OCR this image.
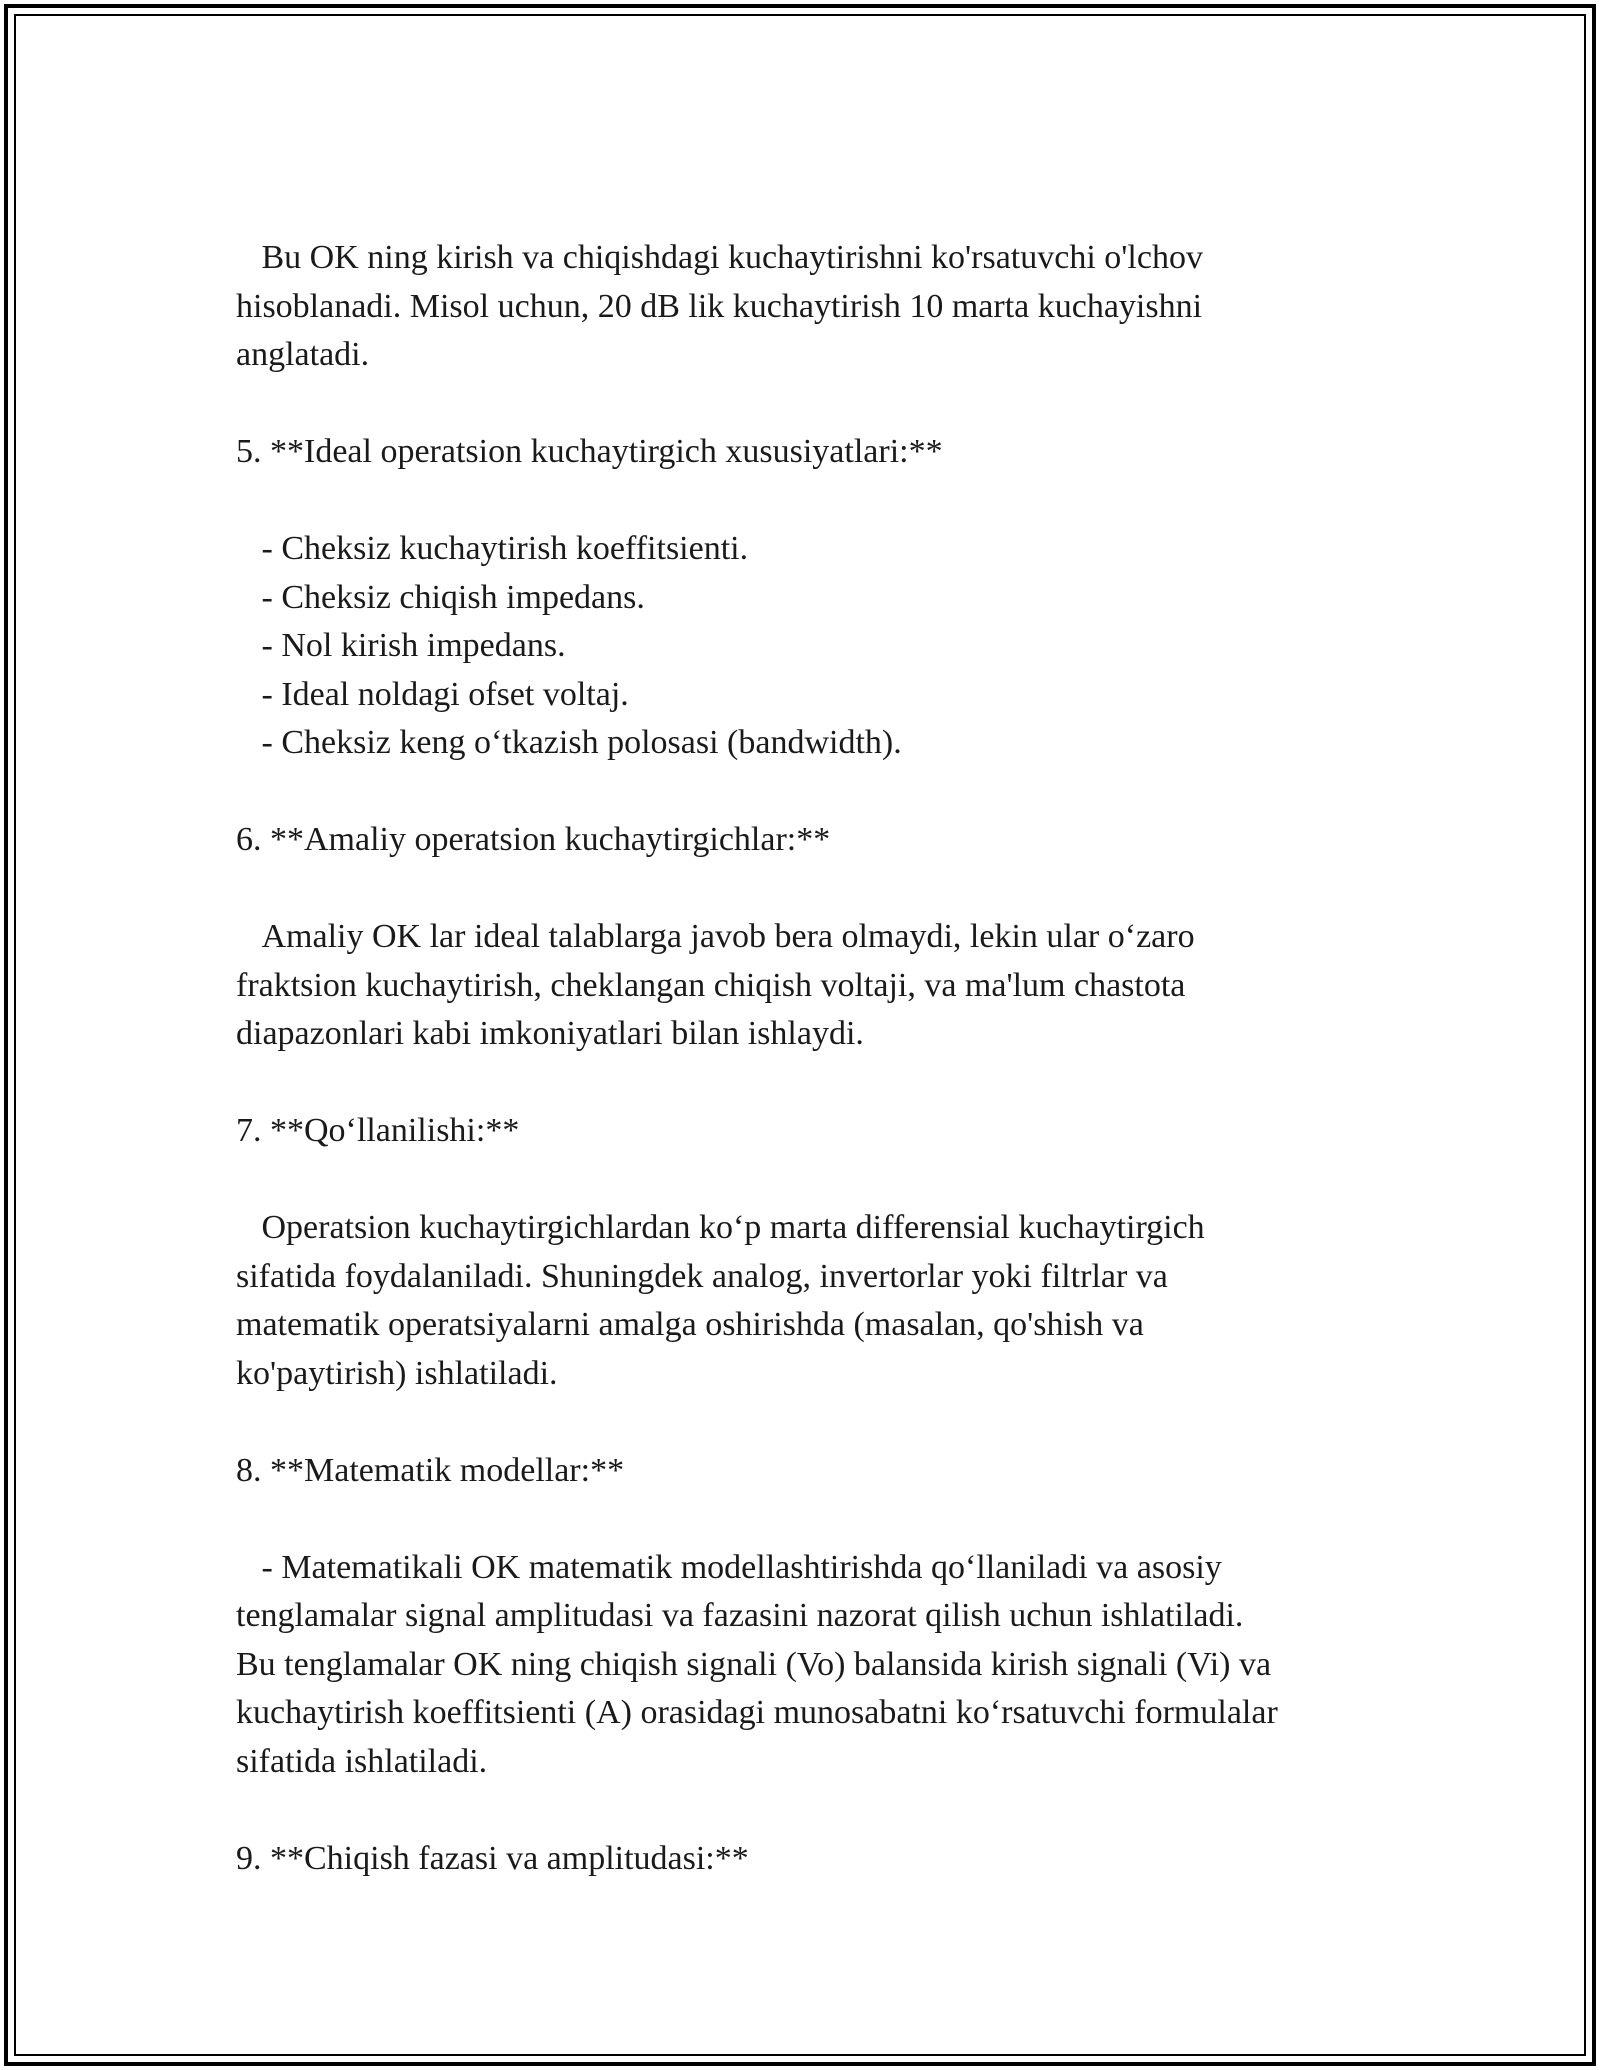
Bu OK ning kirish va chiqishdagi kuchaytirishni ko'rsatuvchi o'lchov

hisoblanadi. Misol uchun, 20 dB lik kuchaytirish 10 marta kuchayishni

anglatadi.

5. **Ideal operatsion kuchaytirgich xususiyatlari:**

- Cheksiz kuchaytirish koeffitsienti.

- Cheksiz chiqish impedans.

- Nol kirish impedans.

- Ideal noldagi ofset voltaj.

- Cheksiz keng o‘tkazish polosasi (bandwidth).

6. **Amaliy operatsion kuchaytirgichlar:**

Amaliy OK lar ideal talablarga javob bera olmaydi, lekin ular o‘zaro

fraktsion kuchaytirish, cheklangan chiqish voltaji, va ma'lum chastota

diapazonlari kabi imkoniyatlari bilan ishlaydi.

7. **Qo‘llanilishi:**

Operatsion kuchaytirgichlardan ko‘p marta differensial kuchaytirgich

sifatida foydalaniladi. Shuningdek analog, invertorlar yoki filtrlar va

matematik operatsiyalarni amalga oshirishda (masalan, qo'shish va

ko'paytirish) ishlatiladi.

8. **Matematik modellar:**

- Matematikali OK matematik modellashtirishda qo‘llaniladi va asosiy

tenglamalar signal amplitudasi va fazasini nazorat qilish uchun ishlatiladi.

Bu tenglamalar OK ning chiqish signali (Vo) balansida kirish signali (Vi) va

kuchaytirish koeffitsienti (A) orasidagi munosabatni ko‘rsatuvchi formulalar

sifatida ishlatiladi.

9. **Chiqish fazasi va amplitudasi:**
